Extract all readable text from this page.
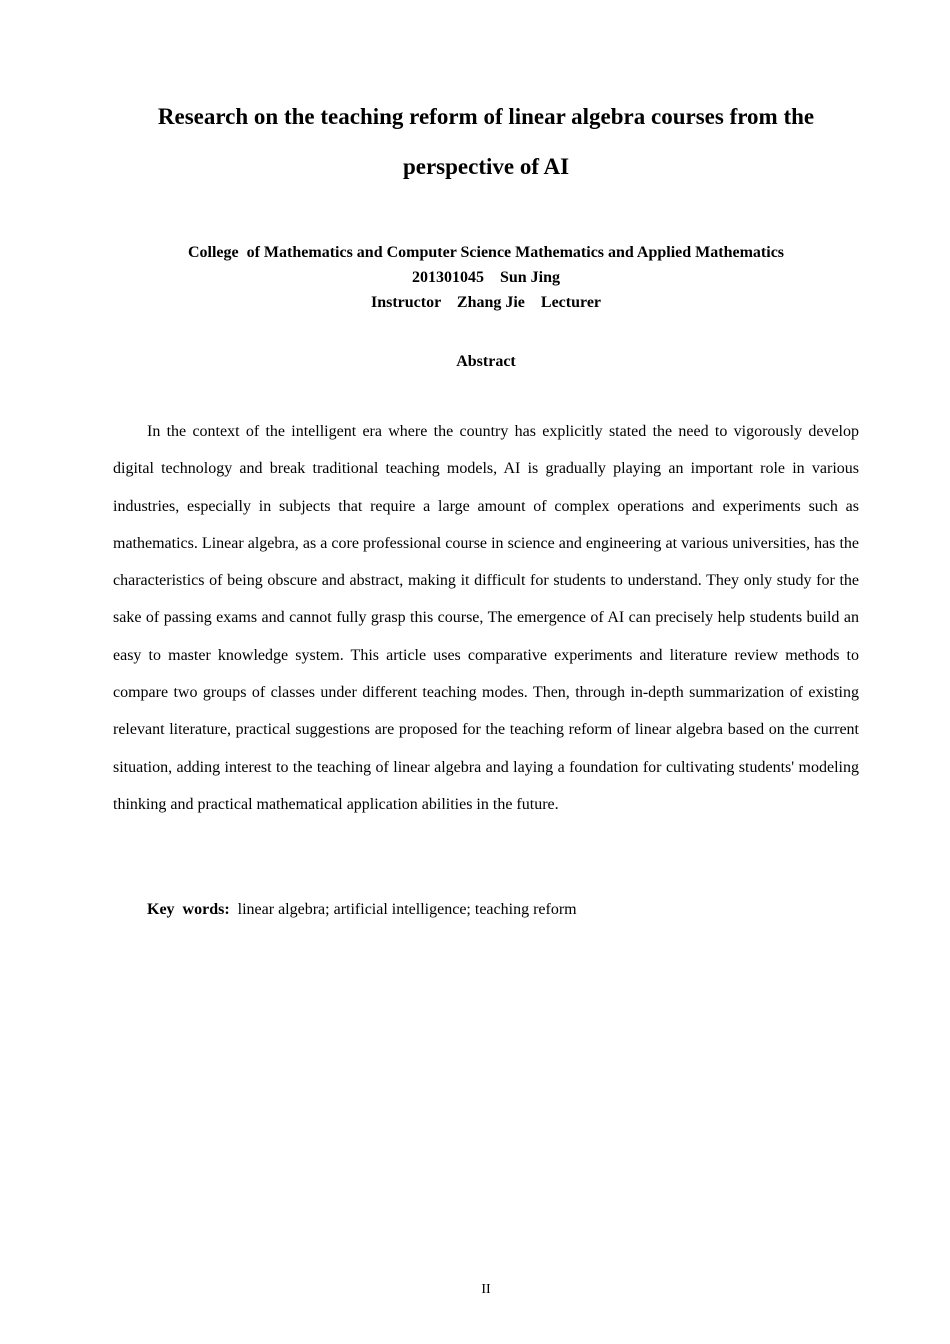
Research on the teaching reform of linear algebra courses from the
perspective of AI
College  of Mathematics and Computer Science Mathematics and Applied Mathematics
201301045    Sun Jing
Instructor    Zhang Jie    Lecturer
Abstract

In the context of the intelligent era where the country has explicitly stated the need to vigorously develop digital technology and break traditional teaching models, AI is gradually playing an important role in various industries, especially in subjects that require a large amount of complex operations and experiments such as mathematics. Linear algebra, as a core professional course in science and engineering at various universities, has the characteristics of being obscure and abstract, making it difficult for students to understand. They only study for the sake of passing exams and cannot fully grasp this course, The emergence of AI can precisely help students build an easy to master knowledge system. This article uses comparative experiments and literature review methods to compare two groups of classes under different teaching modes. Then, through in-depth summarization of existing relevant literature, practical suggestions are proposed for the teaching reform of linear algebra based on the current situation, adding interest to the teaching of linear algebra and laying a foundation for cultivating students' modeling thinking and practical mathematical application abilities in the future.

Key  words:  linear algebra; artificial intelligence; teaching reform
II
